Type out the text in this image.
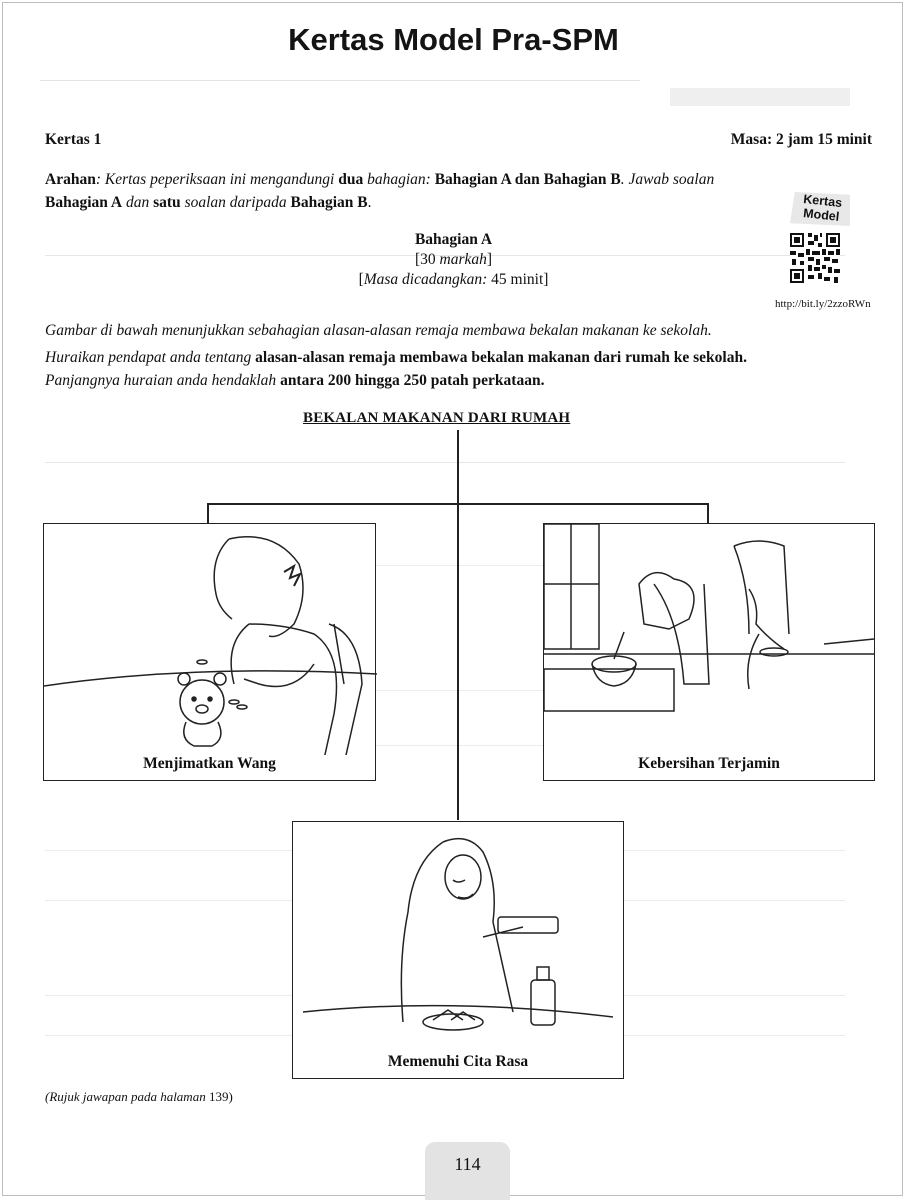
Kertas Model Pra-SPM
Kertas 1	Masa: 2 jam 15 minit
Arahan: Kertas peperiksaan ini mengandungi dua bahagian: Bahagian A dan Bahagian B. Jawab soalan
Bahagian A dan satu soalan daripada Bahagian B.	Kertas
Model
http://bit.ly/2zzoRWn
Bahagian A
[30 markah]
[Masa dicadangkan: 45 minit]
Gambar di bawah menunjukkan sebahagian alasan-alasan remaja membawa bekalan makanan ke sekolah.
Huraikan pendapat anda tentang alasan-alasan remaja membawa bekalan makanan dari rumah ke sekolah.
Panjangnya huraian anda hendaklah antara 200 hingga 250 patah perkataan.
BEKALAN MAKANAN DARI RUMAH
Menjimatkan Wang	Kebersihan Terjamin
Memenuhi Cita Rasa
(Rujuk jawapan pada halaman 139)
114
